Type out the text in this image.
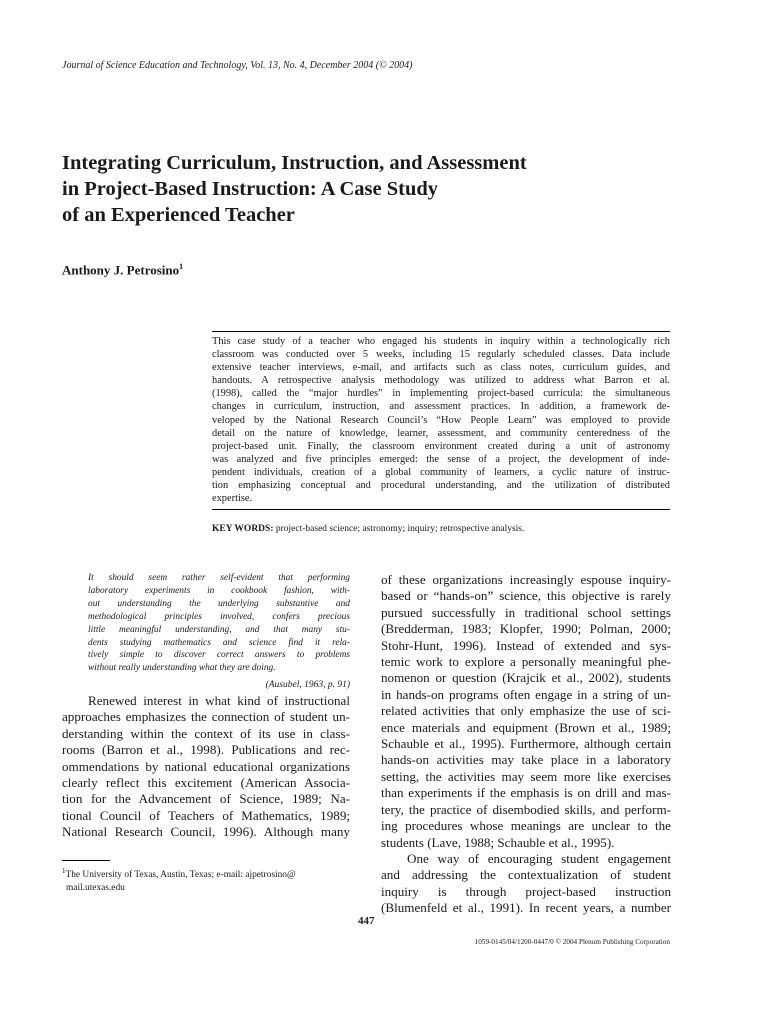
Journal of Science Education and Technology, Vol. 13, No. 4, December 2004 (© 2004)
Integrating Curriculum, Instruction, and Assessment
in Project-Based Instruction: A Case Study
of an Experienced Teacher
Anthony J. Petrosino$^1$
This case study of a teacher who engaged his students in inquiry within a technologically rich
classroom was conducted over 5 weeks, including 15 regularly scheduled classes. Data include
extensive teacher interviews, e-mail, and artifacts such as class notes, curriculum guides, and
handouts. A retrospective analysis methodology was utilized to address what Barron et al.
(1998), called the “major hurdles” in implementing project-based curricula: the simultaneous
changes in curriculum, instruction, and assessment practices. In addition, a framework de-
veloped by the National Research Council’s “How People Learn” was employed to provide
detail on the nature of knowledge, learner, assessment, and community centeredness of the
project-based unit. Finally, the classroom environment created during a unit of astronomy
was analyzed and five principles emerged: the sense of a project, the development of inde-
pendent individuals, creation of a global community of learners, a cyclic nature of instruc-
tion emphasizing conceptual and procedural understanding, and the utilization of distributed
expertise.
KEY WORDS: project-based science; astronomy; inquiry; retrospective analysis.
It should seem rather self-evident that performing
laboratory experiments in cookbook fashion, with-
out understanding the underlying substantive and
methodological principles involved, confers precious
little meaningful understanding, and that many stu-
dents studying mathematics and science find it rela-
tively simple to discover correct answers to problems
without really understanding what they are doing.
(Ausubel, 1963, p. 91)
Renewed interest in what kind of instructional
approaches emphasizes the connection of student un-
derstanding within the context of its use in class-
rooms (Barron et al., 1998). Publications and rec-
ommendations by national educational organizations
clearly reflect this excitement (American Associa-
tion for the Advancement of Science, 1989; Na-
tional Council of Teachers of Mathematics, 1989;
National Research Council, 1996). Although many
of these organizations increasingly espouse inquiry-
based or “hands-on” science, this objective is rarely
pursued successfully in traditional school settings
(Bredderman, 1983; Klopfer, 1990; Polman, 2000;
Stohr-Hunt, 1996). Instead of extended and sys-
temic work to explore a personally meaningful phe-
nomenon or question (Krajcik et al., 2002), students
in hands-on programs often engage in a string of un-
related activities that only emphasize the use of sci-
ence materials and equipment (Brown et al., 1989;
Schauble et al., 1995). Furthermore, although certain
hands-on activities may take place in a laboratory
setting, the activities may seem more like exercises
than experiments if the emphasis is on drill and mas-
tery, the practice of disembodied skills, and perform-
ing procedures whose meanings are unclear to the
students (Lave, 1988; Schauble et al., 1995).
One way of encouraging student engagement
and addressing the contextualization of student
inquiry is through project-based instruction
(Blumenfeld et al., 1991). In recent years, a number
$^1$The University of Texas, Austin, Texas; e-mail: ajpetrosino@
mail.utexas.edu
447
1059-0145/04/1200-0447/0 © 2004 Plenum Publishing Corporation
